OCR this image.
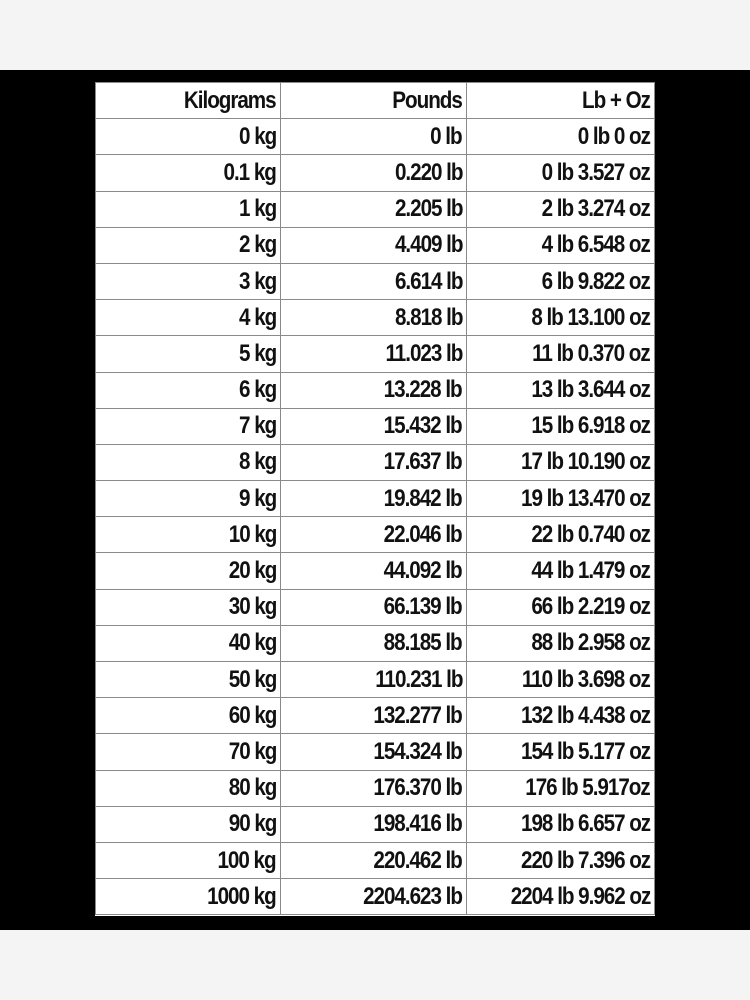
Kilograms	Pounds	Lb + Oz
0 kg	0 lb	0 lb 0 oz
0.1 kg	0.220 lb	0 lb 3.527 oz
1 kg	2.205 lb	2 lb 3.274 oz
2 kg	4.409 lb	4 lb 6.548 oz
3 kg	6.614 lb	6 lb 9.822 oz
4 kg	8.818 lb	8 lb 13.100 oz
5 kg	11.023 lb	11 lb 0.370 oz
6 kg	13.228 lb	13 lb 3.644 oz
7 kg	15.432 lb	15 lb 6.918 oz
8 kg	17.637 lb	17 lb 10.190 oz
9 kg	19.842 lb	19 lb 13.470 oz
10 kg	22.046 lb	22 lb 0.740 oz
20 kg	44.092 lb	44 lb 1.479 oz
30 kg	66.139 lb	66 lb 2.219 oz
40 kg	88.185 lb	88 lb 2.958 oz
50 kg	110.231 lb	110 lb 3.698 oz
60 kg	132.277 lb	132 lb 4.438 oz
70 kg	154.324 lb	154 lb 5.177 oz
80 kg	176.370 lb	176 lb 5.917oz
90 kg	198.416 lb	198 lb 6.657 oz
100 kg	220.462 lb	220 lb 7.396 oz
1000 kg	2204.623 lb	2204 lb 9.962 oz
